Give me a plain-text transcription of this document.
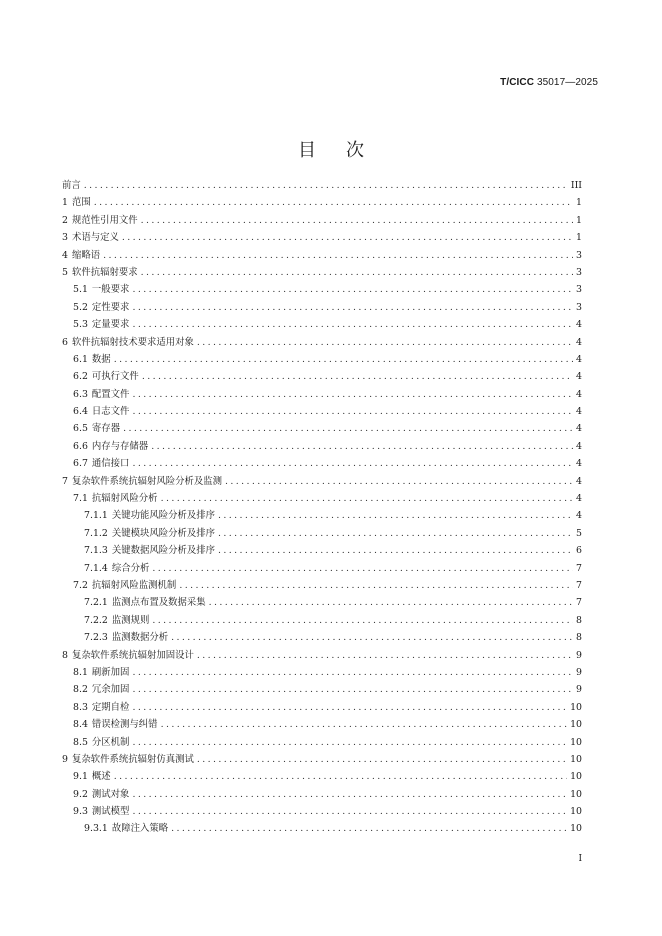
T/CICC 35017—2025
目次
前言 .....	III
1 范围 .....	1
2 规范性引用文件 .....	1
3 术语与定义 .....	1
4 缩略语 .....	3
5 软件抗辐射要求 .....	3
5.1 一般要求 .....	3
5.2 定性要求 .....	3
5.3 定量要求 .....	4
6 软件抗辐射技术要求适用对象 .....	4
6.1 数据 .....	4
6.2 可执行文件 .....	4
6.3 配置文件 .....	4
6.4 日志文件 .....	4
6.5 寄存器 .....	4
6.6 内存与存储器 .....	4
6.7 通信接口 .....	4
7 复杂软件系统抗辐射风险分析及监测 .....	4
7.1 抗辐射风险分析 .....	4
7.1.1 关键功能风险分析及排序 .....	4
7.1.2 关键模块风险分析及排序 .....	5
7.1.3 关键数据风险分析及排序 .....	6
7.1.4 综合分析 .....	7
7.2 抗辐射风险监测机制 .....	7
7.2.1 监测点布置及数据采集 .....	7
7.2.2 监测规则 .....	8
7.2.3 监测数据分析 .....	8
8 复杂软件系统抗辐射加固设计 .....	9
8.1 刷新加固 .....	9
8.2 冗余加固 .....	9
8.3 定期自检 .....	10
8.4 错误检测与纠错 .....	10
8.5 分区机制 .....	10
9 复杂软件系统抗辐射仿真测试 .....	10
9.1 概述 .....	10
9.2 测试对象 .....	10
9.3 测试模型 .....	10
9.3.1 故障注入策略 .....	10
I
